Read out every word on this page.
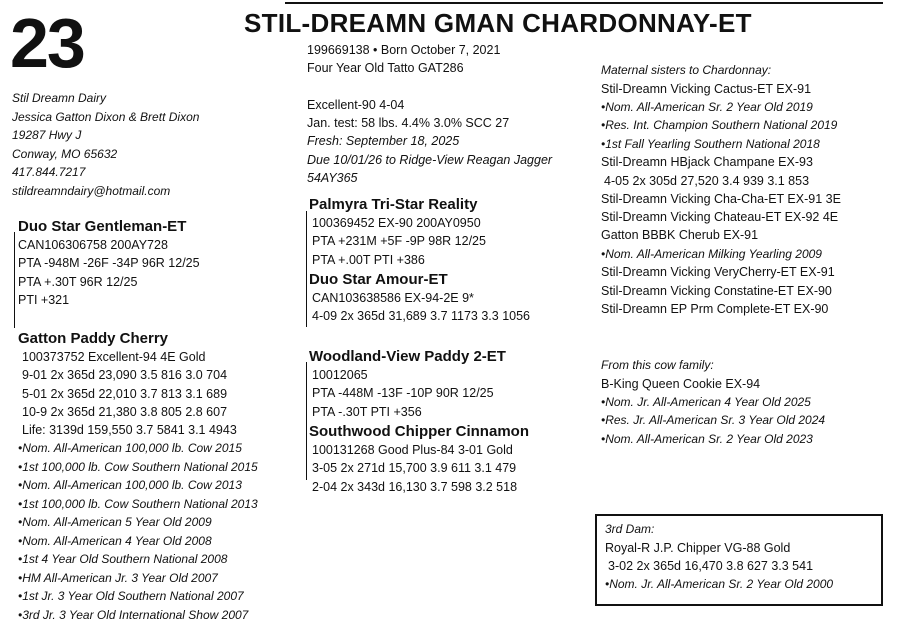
23	STIL-DREAMN GMAN CHARDONNAY-ET
Stil Dreamn Dairy
Jessica Gatton Dixon & Brett Dixon
19287 Hwy J
Conway, MO 65632
417.844.7217
stildreamndairy@hotmail.com
199669138 • Born October 7, 2021
Four Year Old Tatto GAT286

Excellent-90 4-04
Jan. test: 58 lbs. 4.4% 3.0% SCC 27
Fresh: September 18, 2025
Due 10/01/26 to Ridge-View Reagan Jagger
54AY365
Duo Star Gentleman-ET
CAN106306758 200AY728
PTA -948M -26F -34P 96R 12/25
PTA +.30T 96R 12/25
PTI +321
Gatton Paddy Cherry
100373752 Excellent-94 4E Gold
9-01 2x 365d 23,090 3.5 816 3.0 704
5-01 2x 365d 22,010 3.7 813 3.1 689
10-9 2x 365d 21,380 3.8 805 2.8 607
Life: 3139d 159,550 3.7 5841 3.1 4943
•Nom. All-American 100,000 lb. Cow 2015
•1st 100,000 lb. Cow Southern National 2015
•Nom. All-American 100,000 lb. Cow 2013
•1st 100,000 lb. Cow Southern National 2013
•Nom. All-American 5 Year Old 2009
•Nom. All-American 4 Year Old 2008
•1st 4 Year Old Southern National 2008
•HM All-American Jr. 3 Year Old 2007
•1st Jr. 3 Year Old Southern National 2007
•3rd Jr. 3 Year Old International Show 2007
Palmyra Tri-Star Reality
100369452 EX-90 200AY0950
PTA +231M +5F -9P 98R 12/25
PTA +.00T PTI +386
Duo Star Amour-ET
CAN103638586 EX-94-2E 9*
4-09 2x 365d 31,689 3.7 1173 3.3 1056
Woodland-View Paddy 2-ET
10012065
PTA -448M -13F -10P 90R 12/25
PTA -.30T PTI +356
Southwood Chipper Cinnamon
100131268 Good Plus-84 3-01 Gold
3-05 2x 271d 15,700 3.9 611 3.1 479
2-04 2x 343d 16,130 3.7 598 3.2 518
Maternal sisters to Chardonnay:
Stil-Dreamn Vicking Cactus-ET EX-91
•Nom. All-American Sr. 2 Year Old 2019
•Res. Int. Champion Southern National 2019
•1st Fall Yearling Southern National 2018
Stil-Dreamn HBjack Champane EX-93
4-05 2x 305d 27,520 3.4 939 3.1 853
Stil-Dreamn Vicking Cha-Cha-ET EX-91 3E
Stil-Dreamn Vicking Chateau-ET EX-92 4E
Gatton BBBK Cherub EX-91
•Nom. All-American Milking Yearling 2009
Stil-Dreamn Vicking VeryCherry-ET EX-91
Stil-Dreamn Vicking Constatine-ET EX-90
Stil-Dreamn EP Prm Complete-ET EX-90
From this cow family:
B-King Queen Cookie EX-94
•Nom. Jr. All-American 4 Year Old 2025
•Res. Jr. All-American Sr. 3 Year Old 2024
•Nom. All-American Sr. 2 Year Old 2023
3rd Dam:
Royal-R J.P. Chipper VG-88 Gold
3-02 2x 365d 16,470 3.8 627 3.3 541
•Nom. Jr. All-American Sr. 2 Year Old 2000
